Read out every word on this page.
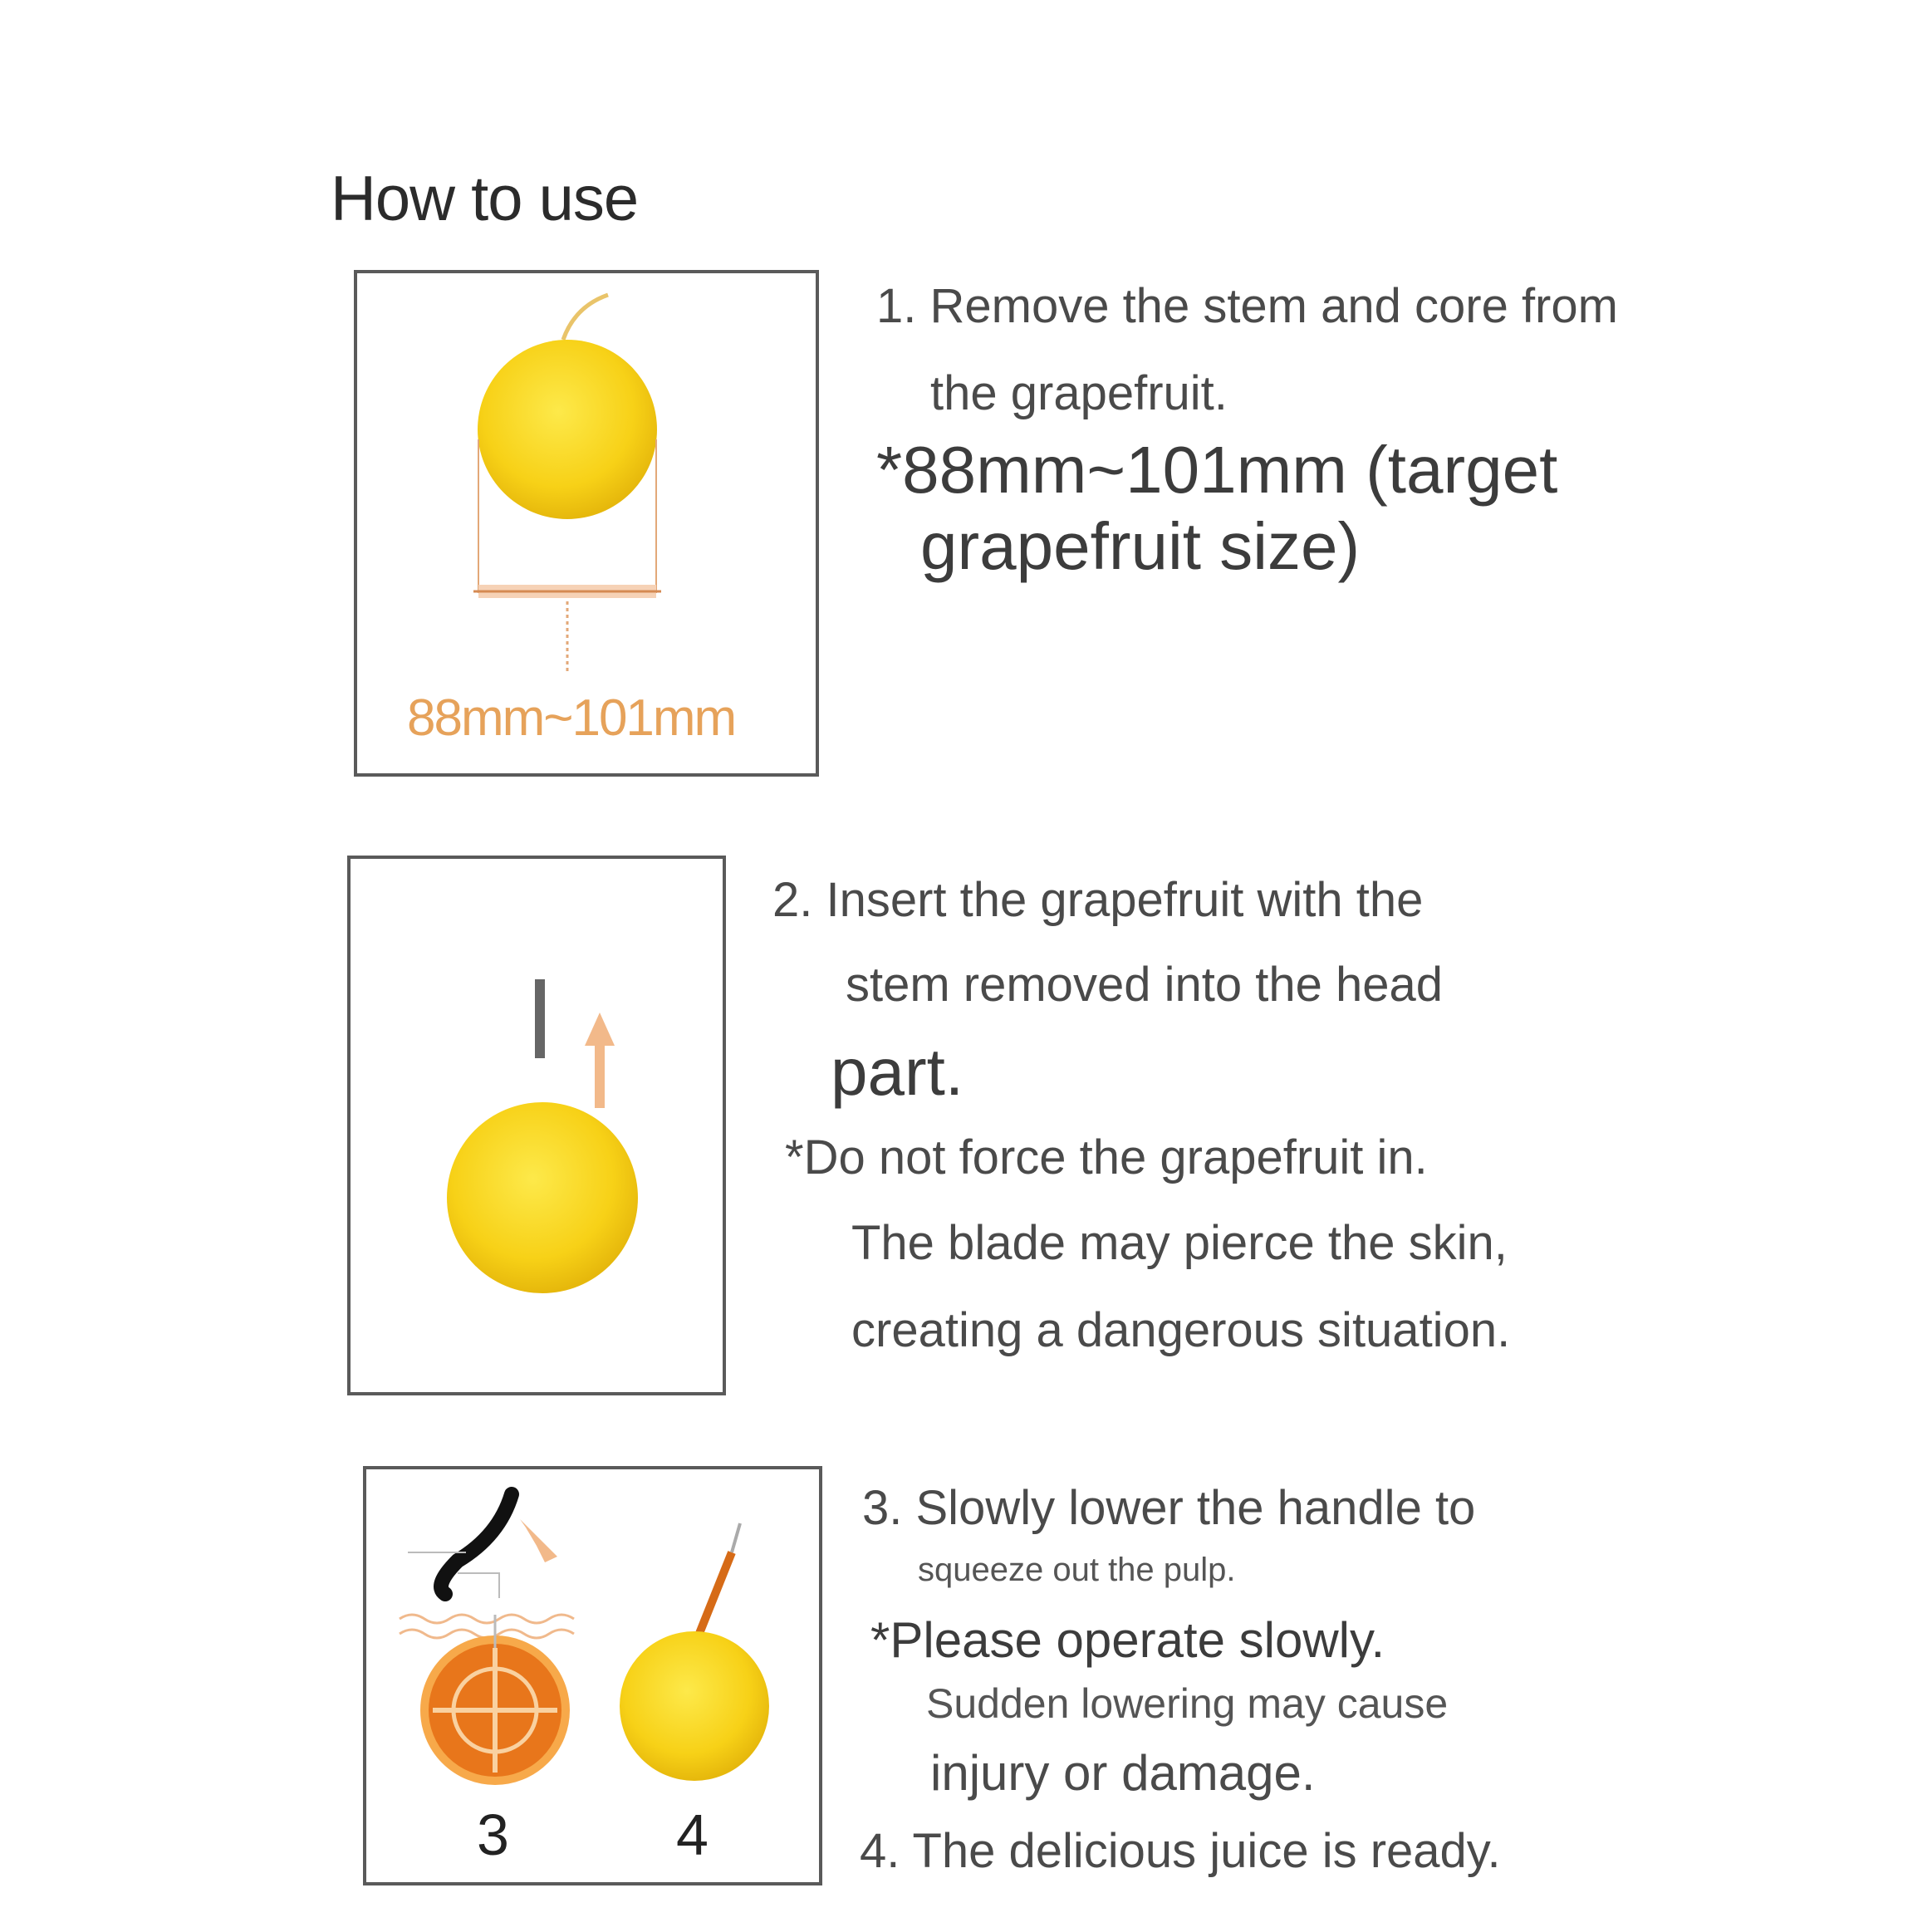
How to use
88mm~101mm
1. Remove the stem and core from
the grapefruit.
*88mm~101mm (target
grapefruit size)
2. Insert the grapefruit with the
stem removed into the head
part.
*Do not force the grapefruit in.
The blade may pierce the skin,
creating a dangerous situation.
3	4
3. Slowly lower the handle to
squeeze out the pulp.
*Please operate slowly.
Sudden lowering may cause
injury or damage.
4. The delicious juice is ready.
